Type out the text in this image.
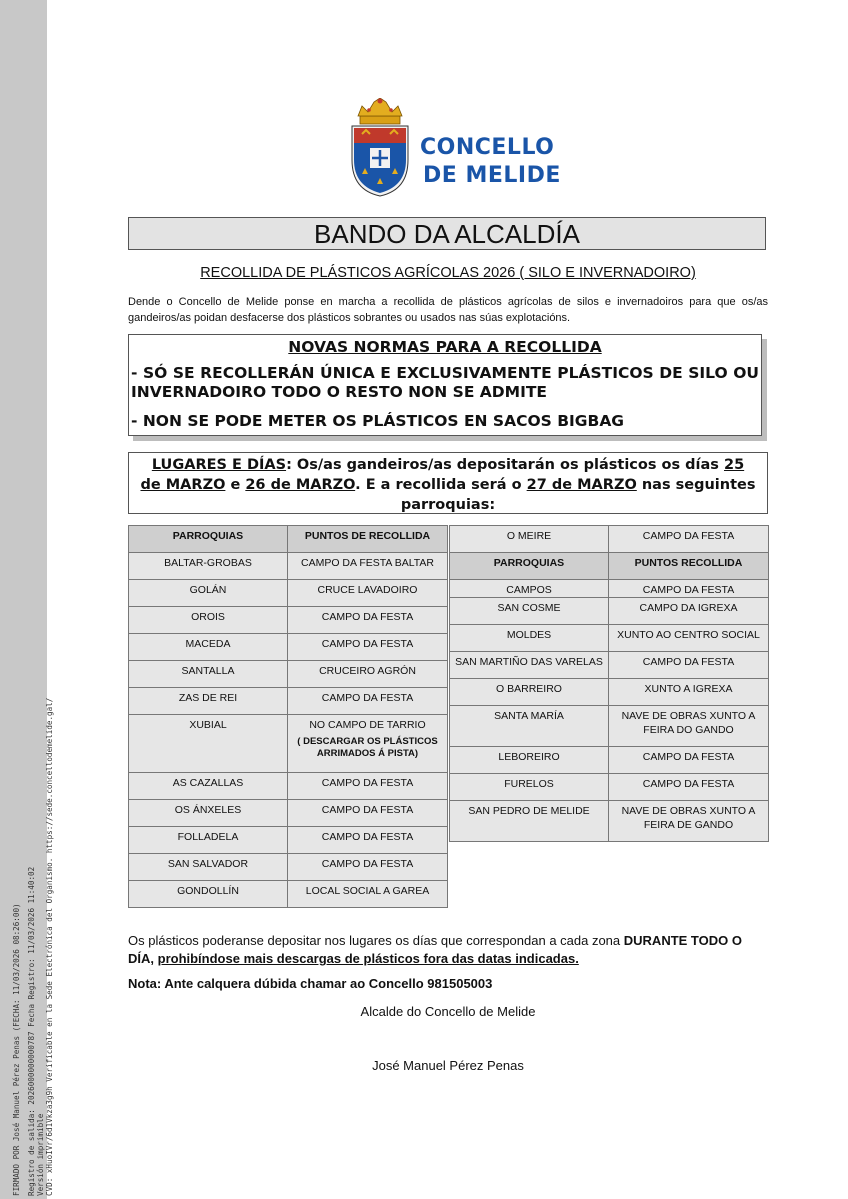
FIRMADO POR José Manuel Pérez Penas (FECHA: 11/03/2026 08:26:00) Registro de salida: 2026000000000787 Fecha Registro: 11/03/2026 11:40:02 Versión imprimible CVD: xHuoIVr/6d1Vkza3g9h Verificable en la Sede Electrónica del Organismo. https://sede.concellodemelide.gal/
CONCELLO
DE MELIDE
BANDO DA ALCALDÍA
RECOLLIDA DE PLÁSTICOS AGRÍCOLAS 2026 ( SILO E INVERNADOIRO)
Dende o Concello de Melide ponse en marcha a recollida de plásticos agrícolas de silos e invernadoiros para que os/as gandeiros/as poidan desfacerse dos plásticos sobrantes ou usados nas súas explotacións.
NOVAS NORMAS PARA A RECOLLIDA
- SÓ SE RECOLLERÁN ÚNICA E EXCLUSIVAMENTE PLÁSTICOS DE SILO OU INVERNADOIRO TODO O RESTO NON SE ADMITE
- NON SE PODE METER OS PLÁSTICOS EN SACOS BIGBAG
LUGARES E DÍAS: Os/as gandeiros/as depositarán os plásticos os días 25
de MARZO e 26 de MARZO. E a recollida será o 27 de MARZO nas seguintes parroquias:
PARROQUIAS	PUNTOS DE RECOLLIDA
BALTAR-GROBAS	CAMPO DA FESTA BALTAR
GOLÁN	CRUCE LAVADOIRO
OROIS	CAMPO DA FESTA
MACEDA	CAMPO DA FESTA
SANTALLA	CRUCEIRO AGRÓN
ZAS DE REI	CAMPO DA FESTA
XUBIAL	NO CAMPO DE TARRIO
( DESCARGAR OS PLÁSTICOS ARRIMADOS Á PISTA)

AS CAZALLAS	CAMPO DA FESTA
OS ÁNXELES	CAMPO DA FESTA
FOLLADELA	CAMPO DA FESTA
SAN SALVADOR	CAMPO DA FESTA
GONDOLLÍN	LOCAL SOCIAL A GAREA
O MEIRE	CAMPO DA FESTA
PARROQUIAS	PUNTOS RECOLLIDA
CAMPOS	CAMPO DA FESTA
SAN COSME	CAMPO DA IGREXA
MOLDES	XUNTO AO CENTRO SOCIAL
SAN MARTIÑO DAS VARELAS	CAMPO DA FESTA
O BARREIRO	XUNTO A IGREXA
SANTA MARÍA	NAVE DE OBRAS XUNTO A FEIRA DO GANDO
LEBOREIRO	CAMPO DA FESTA
FURELOS	CAMPO DA FESTA
SAN PEDRO DE MELIDE	NAVE DE OBRAS XUNTO A FEIRA DE GANDO
Os plásticos poderanse depositar nos lugares os días que correspondan a cada zona DURANTE TODO O DÍA, prohibíndose mais descargas de plásticos fora das datas indicadas.
Nota: Ante calquera dúbida chamar ao Concello 981505003
Alcalde do Concello de Melide
José Manuel Pérez Penas
